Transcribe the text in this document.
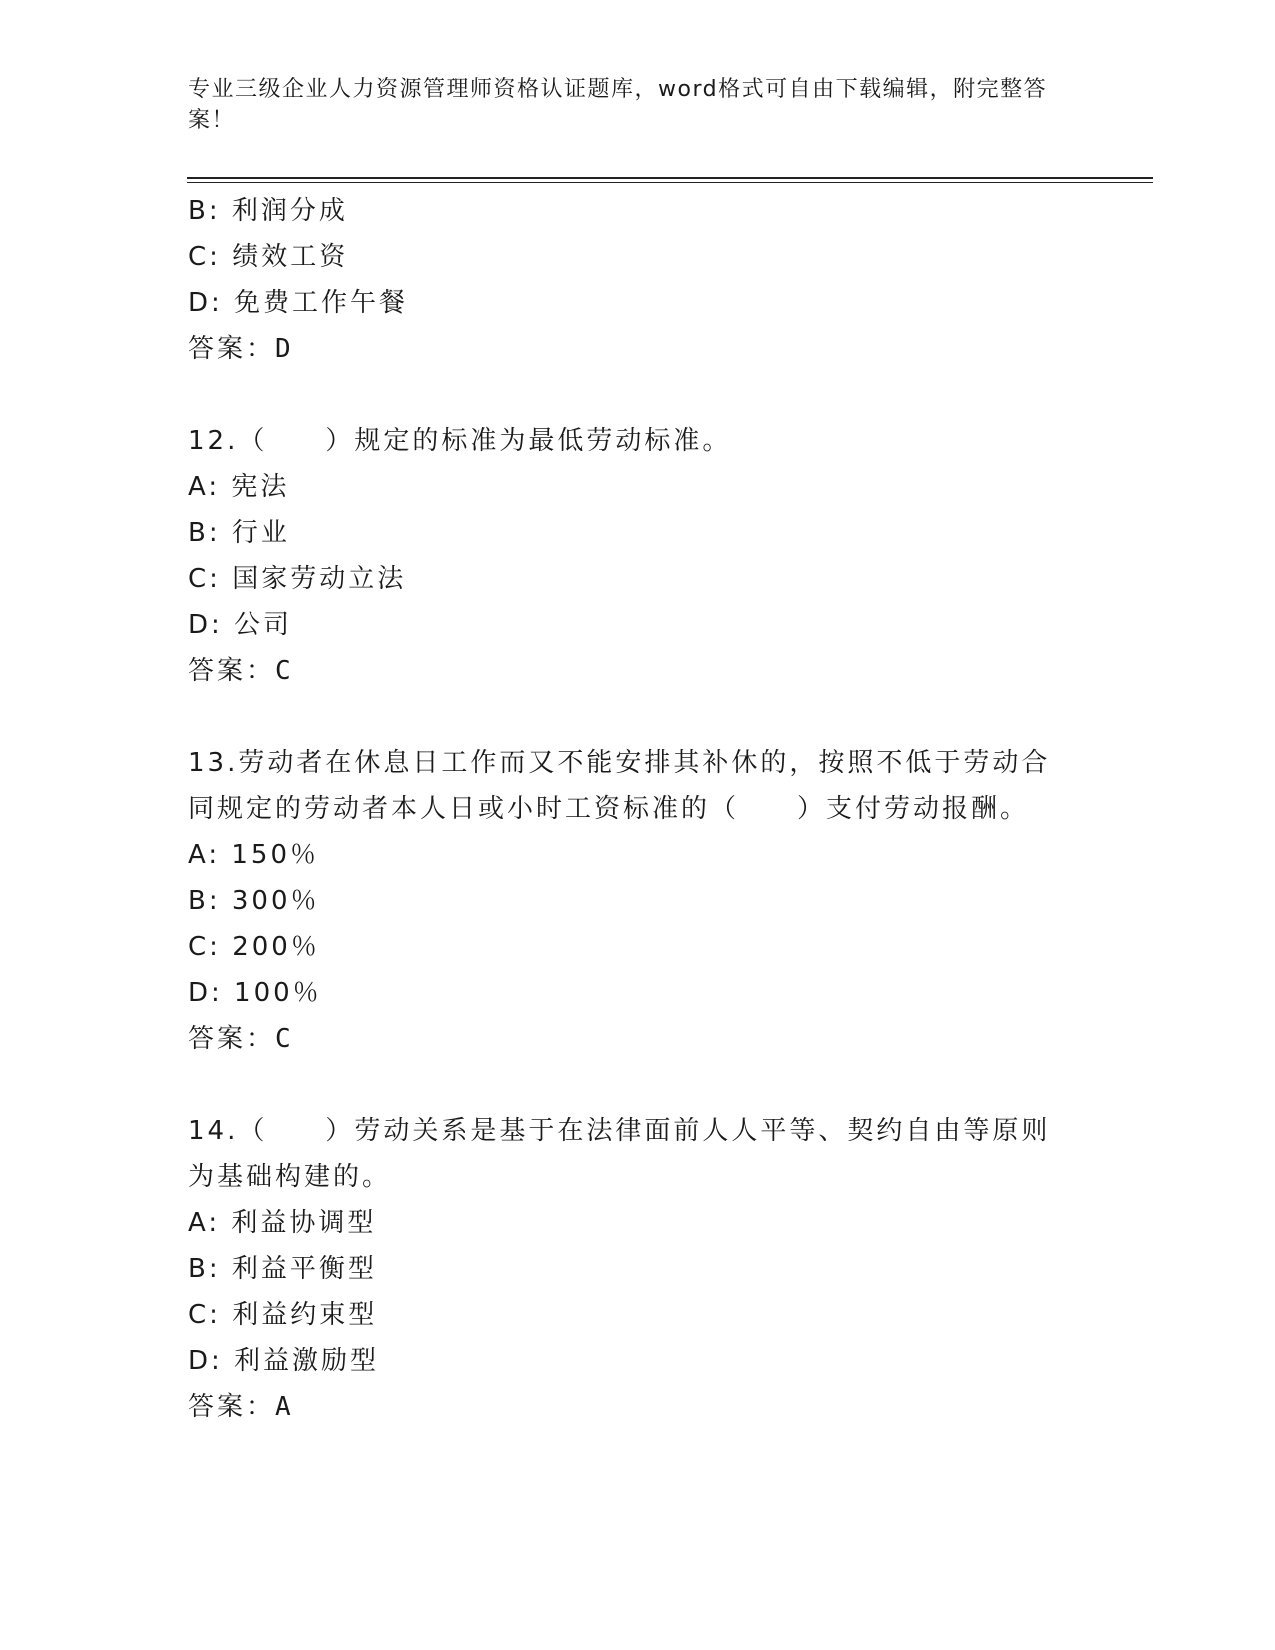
专业三级企业人力资源管理师资格认证题库，word格式可自由下载编辑，附完整答案！
B: 利润分成
C: 绩效工资
D: 免费工作午餐
答案：D
12.（　　）规定的标准为最低劳动标准。
A: 宪法
B: 行业
C: 国家劳动立法
D: 公司
答案：C
13.劳动者在休息日工作而又不能安排其补休的，按照不低于劳动合同规定的劳动者本人日或小时工资标准的（　　）支付劳动报酬。
A: 150％
B: 300％
C: 200％
D: 100％
答案：C
14.（　　）劳动关系是基于在法律面前人人平等、契约自由等原则为基础构建的。
A: 利益协调型
B: 利益平衡型
C: 利益约束型
D: 利益激励型
答案：A
